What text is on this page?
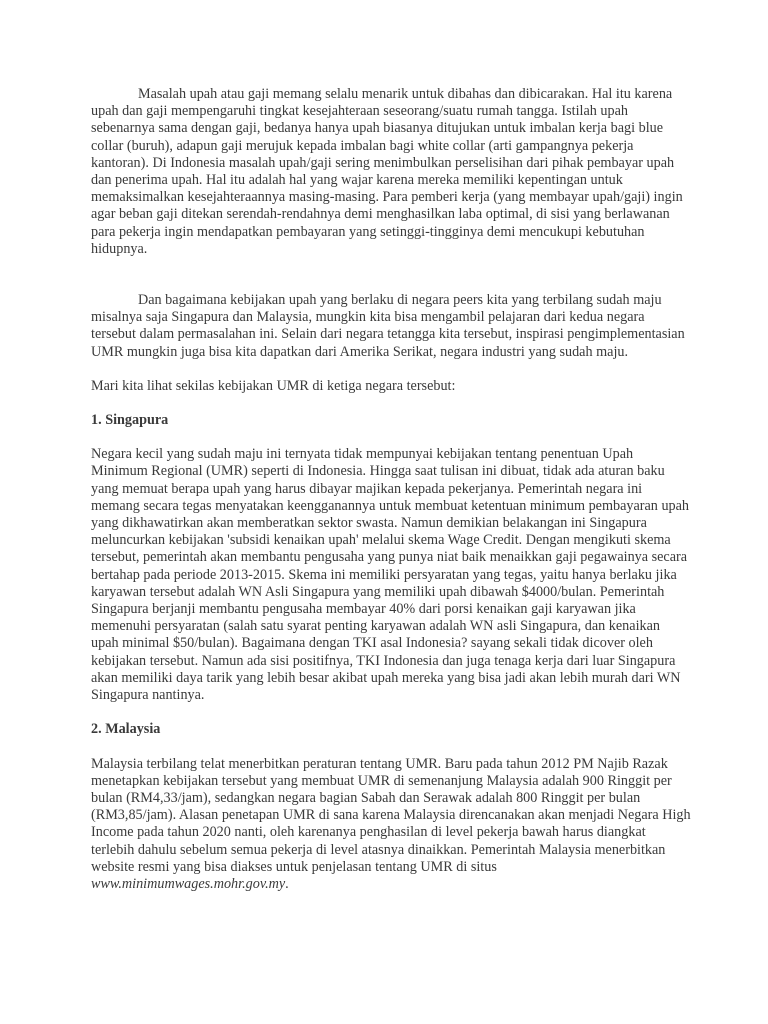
Masalah upah atau gaji memang selalu menarik untuk dibahas dan dibicarakan. Hal itu karena upah dan gaji mempengaruhi tingkat kesejahteraan seseorang/suatu rumah tangga. Istilah upah sebenarnya sama dengan gaji, bedanya hanya upah biasanya ditujukan untuk imbalan kerja bagi blue collar (buruh), adapun gaji merujuk kepada imbalan bagi white collar (arti gampangnya pekerja kantoran). Di Indonesia masalah upah/gaji sering menimbulkan perselisihan dari pihak pembayar upah dan penerima upah. Hal itu adalah hal yang wajar karena mereka memiliki kepentingan untuk memaksimalkan kesejahteraannya masing-masing. Para pemberi kerja (yang membayar upah/gaji) ingin agar beban gaji ditekan serendah-rendahnya demi menghasilkan laba optimal, di sisi yang berlawanan para pekerja ingin mendapatkan pembayaran yang setinggi-tingginya demi mencukupi kebutuhan hidupnya.

Dan bagaimana kebijakan upah yang berlaku di negara peers kita yang terbilang sudah maju misalnya saja Singapura dan Malaysia, mungkin kita bisa mengambil pelajaran dari kedua negara tersebut dalam permasalahan ini. Selain dari negara tetangga kita tersebut, inspirasi pengimplementasian UMR mungkin juga bisa kita dapatkan dari Amerika Serikat, negara industri yang sudah maju.

Mari kita lihat sekilas kebijakan UMR di ketiga negara tersebut:

1. Singapura

Negara kecil yang sudah maju ini ternyata tidak mempunyai kebijakan tentang penentuan Upah Minimum Regional (UMR) seperti di Indonesia. Hingga saat tulisan ini dibuat, tidak ada aturan baku yang memuat berapa upah yang harus dibayar majikan kepada pekerjanya. Pemerintah negara ini memang secara tegas menyatakan keengganannya untuk membuat ketentuan minimum pembayaran upah yang dikhawatirkan akan memberatkan sektor swasta. Namun demikian belakangan ini Singapura meluncurkan kebijakan 'subsidi kenaikan upah' melalui skema Wage Credit. Dengan mengikuti skema tersebut, pemerintah akan membantu pengusaha yang punya niat baik menaikkan gaji pegawainya secara bertahap pada periode 2013-2015. Skema ini memiliki persyaratan yang tegas, yaitu hanya berlaku jika karyawan tersebut adalah WN Asli Singapura yang memiliki upah dibawah $4000/bulan. Pemerintah Singapura berjanji membantu pengusaha membayar 40% dari porsi kenaikan gaji karyawan jika memenuhi persyaratan (salah satu syarat penting karyawan adalah WN asli Singapura, dan kenaikan upah minimal $50/bulan). Bagaimana dengan TKI asal Indonesia? sayang sekali tidak dicover oleh kebijakan tersebut. Namun ada sisi positifnya, TKI Indonesia dan juga tenaga kerja dari luar Singapura akan memiliki daya tarik yang lebih besar akibat upah mereka yang bisa jadi akan lebih murah dari WN Singapura nantinya.

2. Malaysia

Malaysia terbilang telat menerbitkan peraturan tentang UMR. Baru pada tahun 2012 PM Najib Razak menetapkan kebijakan tersebut yang membuat UMR di semenanjung Malaysia adalah 900 Ringgit per bulan (RM4,33/jam), sedangkan negara bagian Sabah dan Serawak adalah 800 Ringgit per bulan (RM3,85/jam). Alasan penetapan UMR di sana karena Malaysia direncanakan akan menjadi Negara High Income pada tahun 2020 nanti, oleh karenanya penghasilan di level pekerja bawah harus diangkat terlebih dahulu sebelum semua pekerja di level atasnya dinaikkan. Pemerintah Malaysia menerbitkan website resmi yang bisa diakses untuk penjelasan tentang UMR di situs www.minimumwages.mohr.gov.my.
